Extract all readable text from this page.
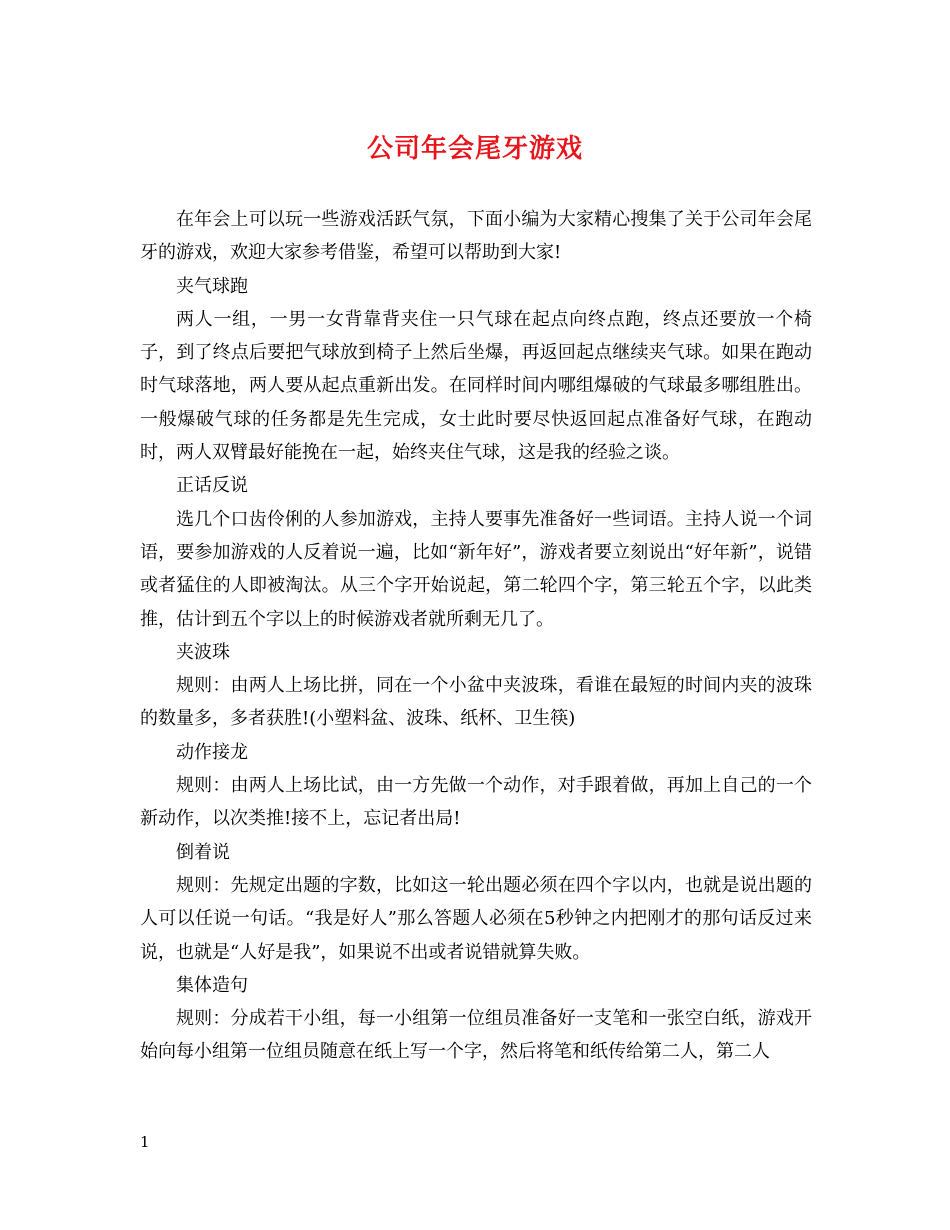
公司年会尾牙游戏

在年会上可以玩一些游戏活跃气氛，下面小编为大家精心搜集了关于公司年会尾牙的游戏，欢迎大家参考借鉴，希望可以帮助到大家!

夹气球跑

两人一组，一男一女背靠背夹住一只气球在起点向终点跑，终点还要放一个椅子，到了终点后要把气球放到椅子上然后坐爆，再返回起点继续夹气球。如果在跑动时气球落地，两人要从起点重新出发。在同样时间内哪组爆破的气球最多哪组胜出。一般爆破气球的任务都是先生完成，女士此时要尽快返回起点准备好气球，在跑动时，两人双臂最好能挽在一起，始终夹住气球，这是我的经验之谈。

正话反说

选几个口齿伶俐的人参加游戏，主持人要事先准备好一些词语。主持人说一个词语，要参加游戏的人反着说一遍，比如“新年好”，游戏者要立刻说出“好年新”，说错或者猛住的人即被淘汰。从三个字开始说起，第二轮四个字，第三轮五个字，以此类推，估计到五个字以上的时候游戏者就所剩无几了。

夹波珠

规则：由两人上场比拼，同在一个小盆中夹波珠，看谁在最短的时间内夹的波珠的数量多，多者获胜!(小塑料盆、波珠、纸杯、卫生筷)

动作接龙

规则：由两人上场比试，由一方先做一个动作，对手跟着做，再加上自己的一个新动作，以次类推!接不上，忘记者出局!

倒着说

规则：先规定出题的字数，比如这一轮出题必须在四个字以内，也就是说出题的人可以任说一句话。“我是好人”那么答题人必须在5秒钟之内把刚才的那句话反过来说，也就是“人好是我”，如果说不出或者说错就算失败。

集体造句

规则：分成若干小组，每一小组第一位组员准备好一支笔和一张空白纸，游戏开始向每小组第一位组员随意在纸上写一个字，然后将笔和纸传给第二人，第二人

1
